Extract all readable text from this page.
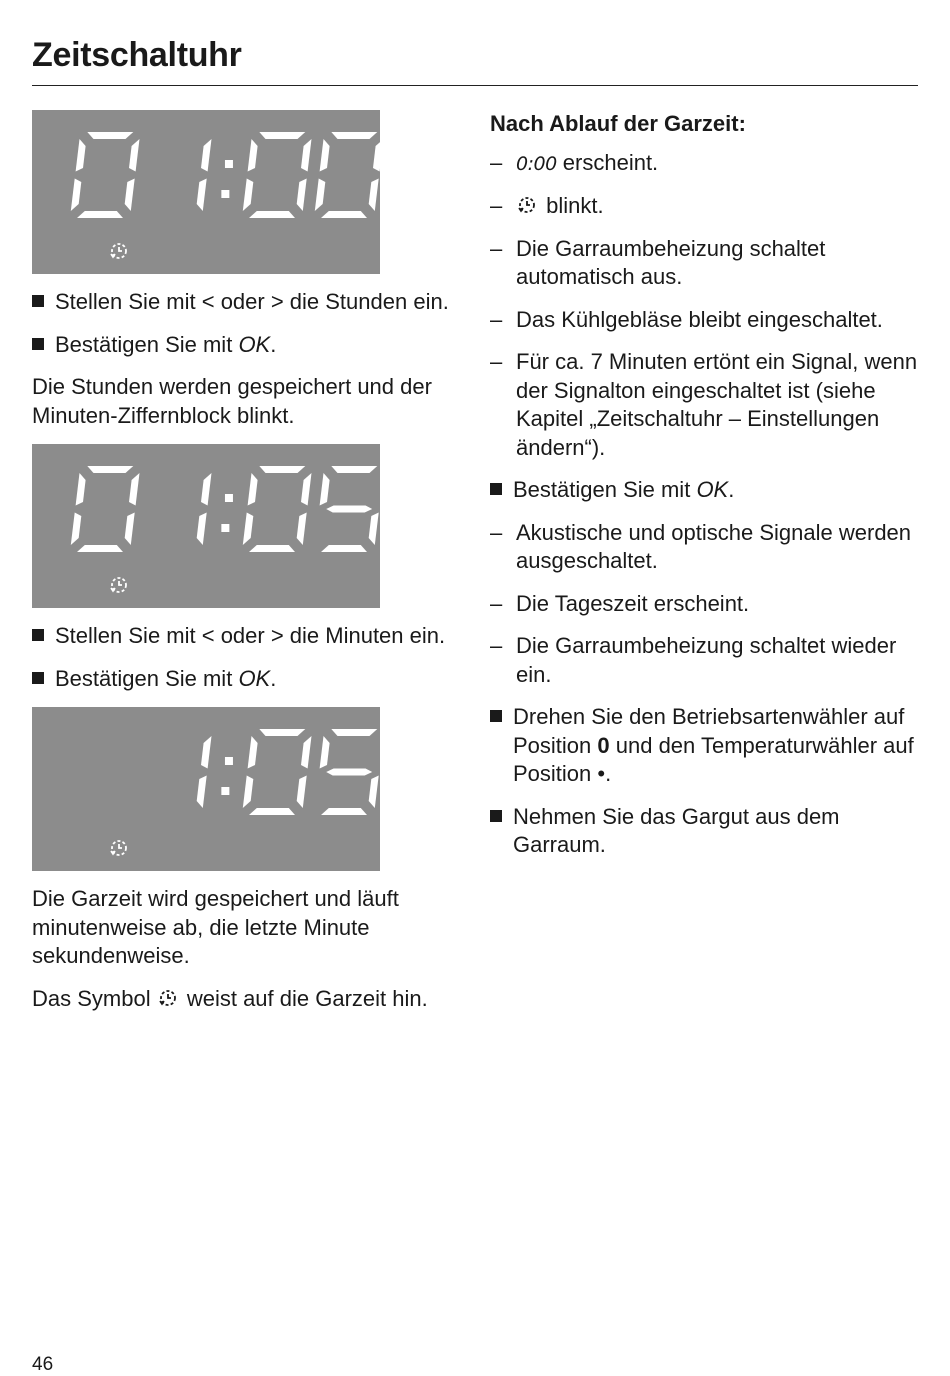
Zeitschaltuhr
Stellen Sie mit < oder > die Stunden ein.
Bestätigen Sie mit OK.

Die Stunden werden gespeichert und der Minuten-Ziffernblock blinkt.

Stellen Sie mit < oder > die Minuten ein.
Bestätigen Sie mit OK.

Die Garzeit wird gespeichert und läuft minutenweise ab, die letzte Minute sekundenweise.

Das Symbol  weist auf die Garzeit hin.

Nach Ablauf der Garzeit:
– 0:00 erscheint.
– blinkt.
– Die Garraumbeheizung schaltet automatisch aus.
– Das Kühlgebläse bleibt eingeschaltet.
– Für ca. 7 Minuten ertönt ein Signal, wenn der Signalton eingeschaltet ist (siehe Kapitel „Zeitschaltuhr – Einstellungen ändern“).
Bestätigen Sie mit OK.
– Akustische und optische Signale werden ausgeschaltet.
– Die Tageszeit erscheint.
– Die Garraumbeheizung schaltet wieder ein.
Drehen Sie den Betriebsartenwähler auf Position 0 und den Temperaturwähler auf Position •.
Nehmen Sie das Gargut aus dem Garraum.
46
